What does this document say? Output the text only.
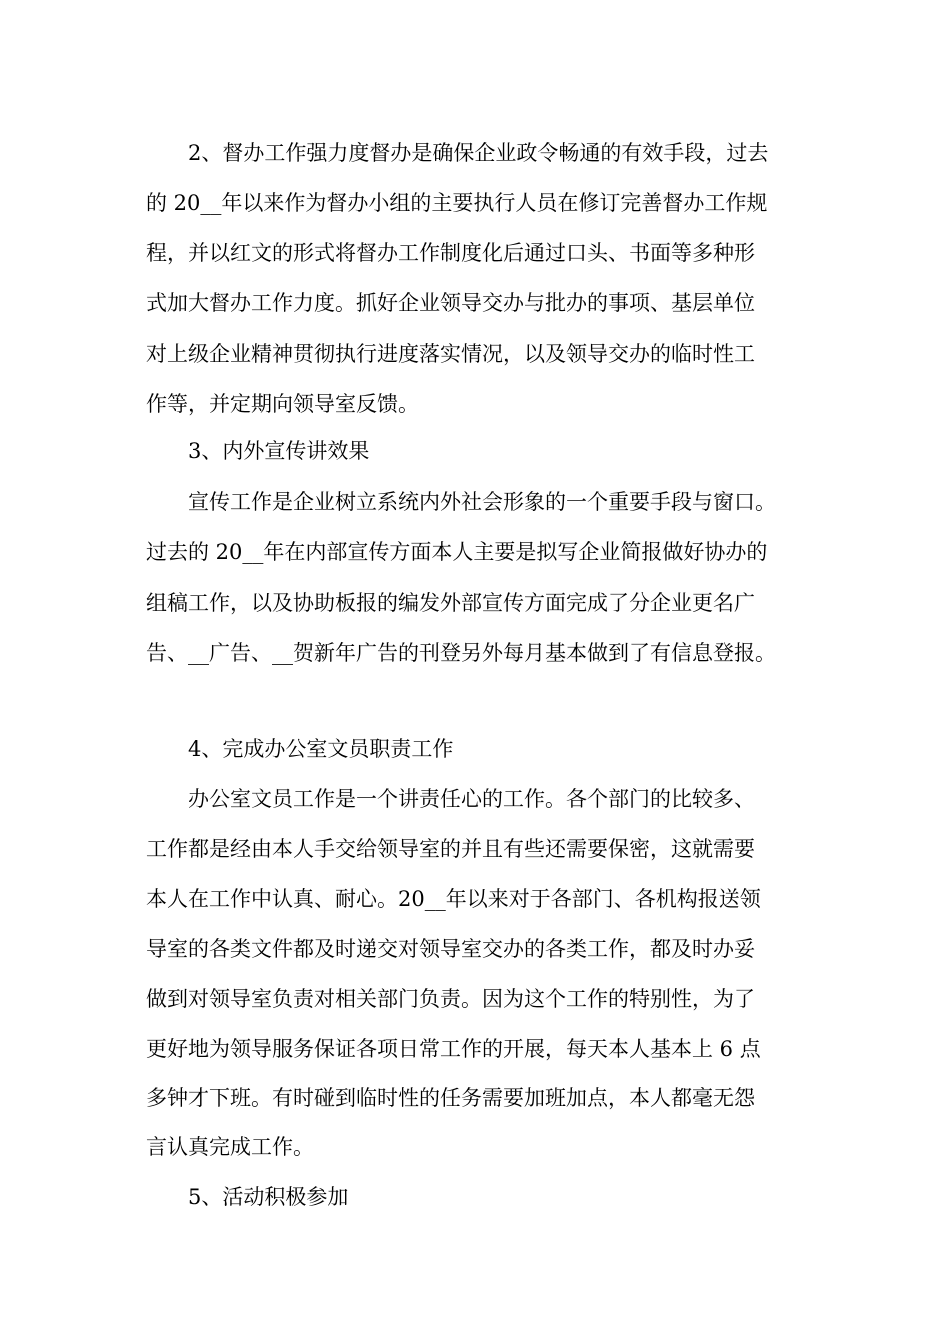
2、督办工作强力度督办是确保企业政令畅通的有效手段，过去
的 20__年以来作为督办小组的主要执行人员在修订完善督办工作规
程，并以红文的形式将督办工作制度化后通过口头、书面等多种形
式加大督办工作力度。抓好企业领导交办与批办的事项、基层单位
对上级企业精神贯彻执行进度落实情况，以及领导交办的临时性工
作等，并定期向领导室反馈。
3、内外宣传讲效果
宣传工作是企业树立系统内外社会形象的一个重要手段与窗口。
过去的 20__年在内部宣传方面本人主要是拟写企业简报做好协办的
组稿工作，以及协助板报的编发外部宣传方面完成了分企业更名广
告、__广告、__贺新年广告的刊登另外每月基本做到了有信息登报。
4、完成办公室文员职责工作
办公室文员工作是一个讲责任心的工作。各个部门的比较多、
工作都是经由本人手交给领导室的并且有些还需要保密，这就需要
本人在工作中认真、耐心。20__年以来对于各部门、各机构报送领
导室的各类文件都及时递交对领导室交办的各类工作，都及时办妥
做到对领导室负责对相关部门负责。因为这个工作的特别性，为了
更好地为领导服务保证各项日常工作的开展，每天本人基本上 6 点
多钟才下班。有时碰到临时性的任务需要加班加点，本人都毫无怨
言认真完成工作。
5、活动积极参加
